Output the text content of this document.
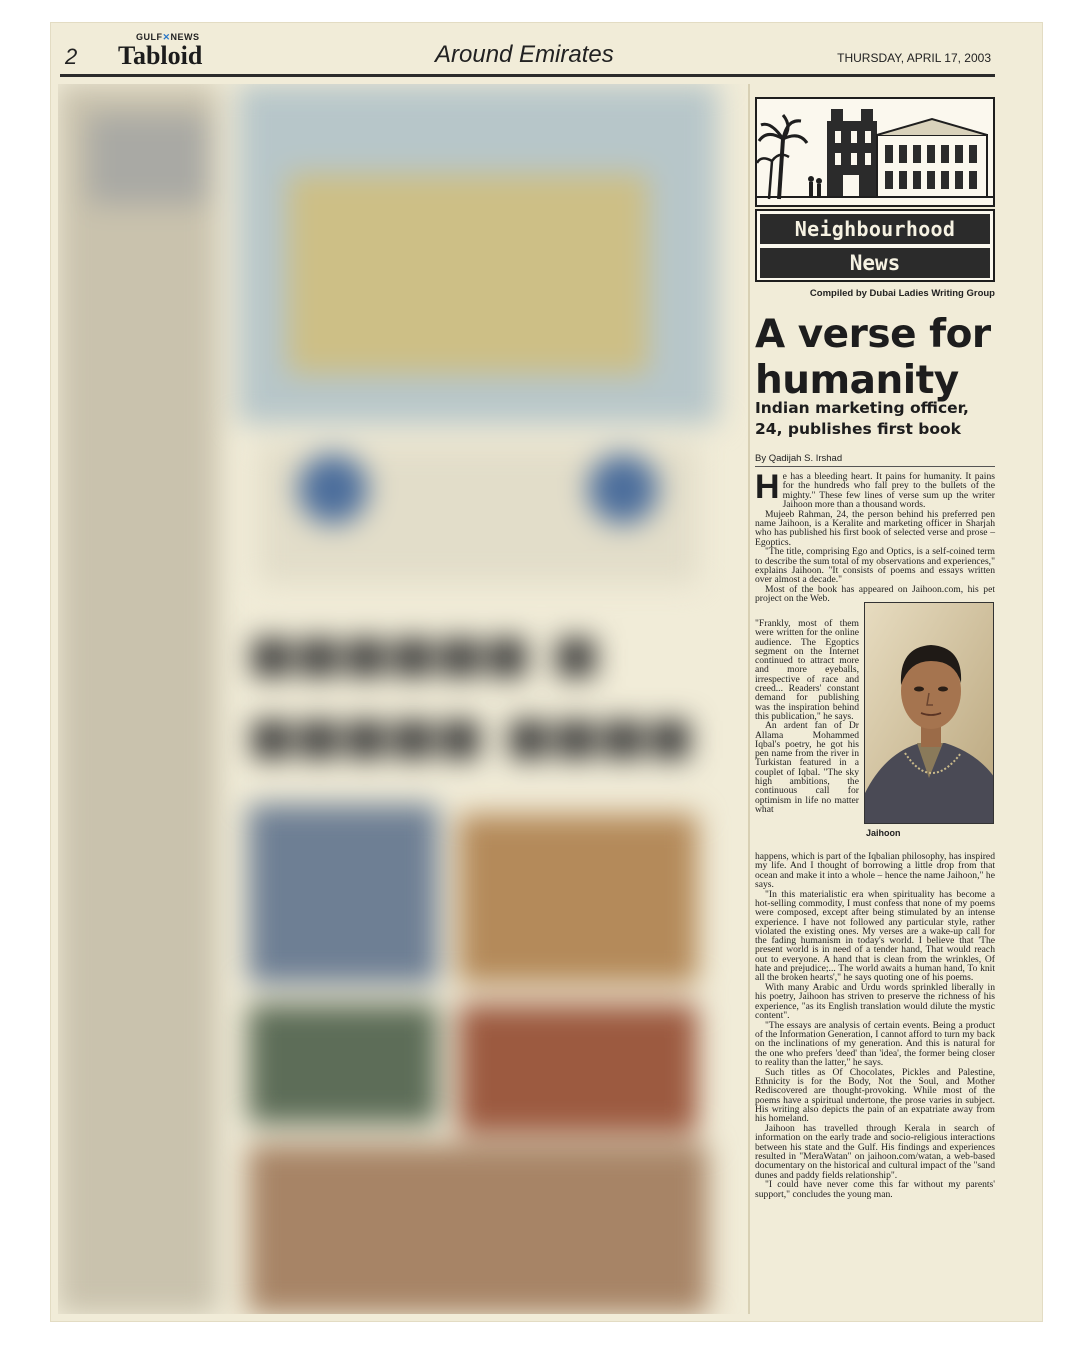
2
GULF✕NEWS
Tabloid	Around Emirates	THURSDAY, APRIL 17, 2003
■■■■■■ ■
■■■■■ ■■■■
Neighbourhood
News
Compiled by Dubai Ladies Writing Group
A verse for humanity
Indian marketing officer, 24, publishes first book
By Qadijah S. Irshad

He has a bleeding heart. It pains for humanity. It pains for the hundreds who fall prey to the bullets of the mighty." These few lines of verse sum up the writer Jaihoon more than a thousand words.

Mujeeb Rahman, 24, the person behind his preferred pen name Jaihoon, is a Keralite and marketing officer in Sharjah who has published his first book of selected verse and prose – Egoptics.

"The title, comprising Ego and Optics, is a self-coined term to describe the sum total of my observations and experiences," explains Jaihoon. "It consists of poems and essays written over almost a decade."

Most of the book has appeared on Jaihoon.com, his pet project on the Web.

"Frankly, most of them were written for the online audience. The Egoptics segment on the Internet continued to attract more and more eyeballs, irrespective of race and creed... Readers' constant demand for publishing was the inspiration behind this publication," he says.

An ardent fan of Dr Allama Mohammed Iqbal's poetry, he got his pen name from the river in Turkistan featured in a couplet of Iqbal. "The sky high ambitions, the continuous call for optimism in life no matter what

Jaihoon

happens, which is part of the Iqbalian philosophy, has inspired my life. And I thought of borrowing a little drop from that ocean and make it into a whole – hence the name Jaihoon," he says.

"In this materialistic era when spirituality has become a hot-selling commodity, I must confess that none of my poems were composed, except after being stimulated by an intense experience. I have not followed any particular style, rather violated the existing ones. My verses are a wake-up call for the fading humanism in today's world. I believe that 'The present world is in need of a tender hand, That would reach out to everyone. A hand that is clean from the wrinkles, Of hate and prejudice;... The world awaits a human hand, To knit all the broken hearts'," he says quoting one of his poems.

With many Arabic and Urdu words sprinkled liberally in his poetry, Jaihoon has striven to preserve the richness of his experience, "as its English translation would dilute the mystic content".

"The essays are analysis of certain events. Being a product of the Information Generation, I cannot afford to turn my back on the inclinations of my generation. And this is natural for the one who prefers 'deed' than 'idea', the former being closer to reality than the latter," he says.

Such titles as Of Chocolates, Pickles and Palestine, Ethnicity is for the Body, Not the Soul, and Mother Rediscovered are thought-provoking. While most of the poems have a spiritual undertone, the prose varies in subject. His writing also depicts the pain of an expatriate away from his homeland.

Jaihoon has travelled through Kerala in search of information on the early trade and socio-religious interactions between his state and the Gulf. His findings and experiences resulted in "MeraWatan" on jaihoon.com/watan, a web-based documentary on the historical and cultural impact of the "sand dunes and paddy fields relationship".

"I could have never come this far without my parents' support," concludes the young man.
